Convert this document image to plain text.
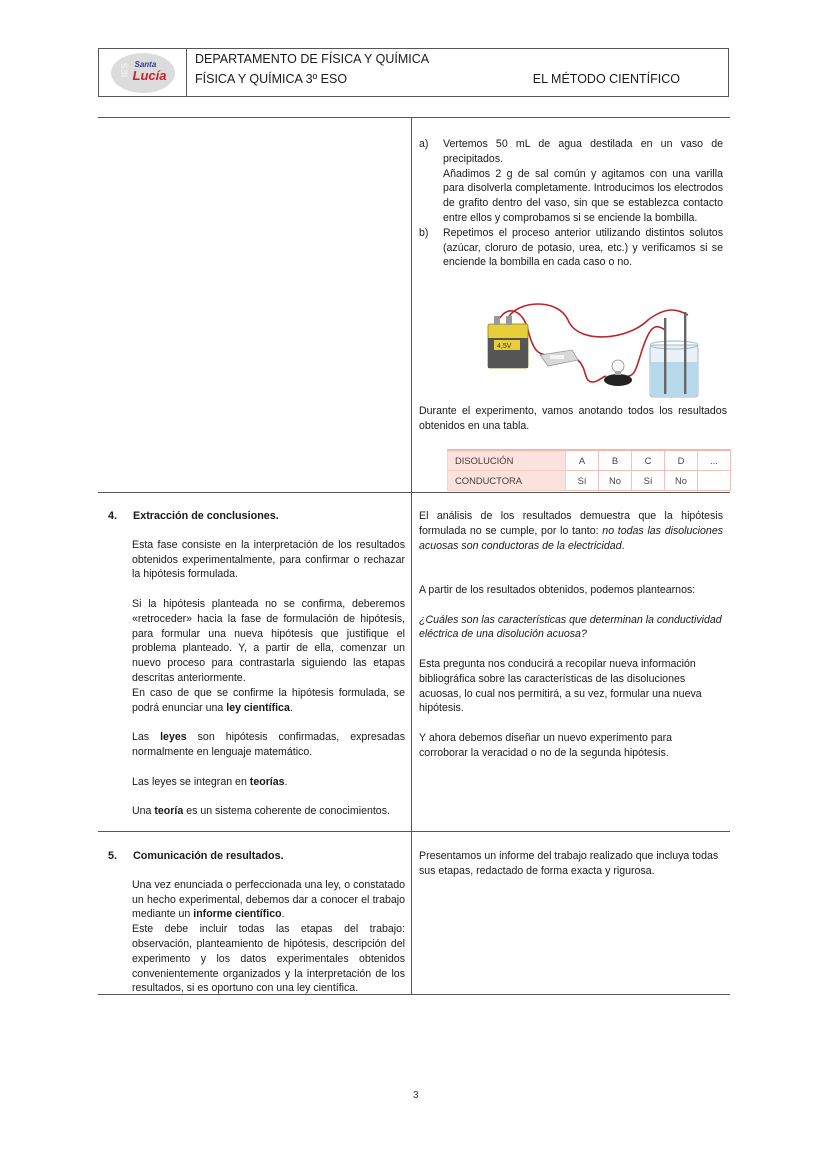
IES Santa
Lucía
DEPARTAMENTO DE FÍSICA Y QUÍMICA
FÍSICA Y QUÍMICA 3º ESO	EL MÉTODO CIENTÍFICO
a)	Vertemos 50 mL de agua destilada en un vaso de precipitados.

Añadimos 2 g de sal común y agitamos con una varilla para disolverla completamente. Introducimos los electrodos de grafito dentro del vaso, sin que se establezca contacto entre ellos y comprobamos si se enciende la bombilla.

b)	Repetimos el proceso anterior utilizando distintos solutos (azúcar, cloruro de potasio, urea, etc.) y verificamos si se enciende la bombilla en cada caso o no.

4,5V
Durante el experimento, vamos anotando todos los resultados obtenidos en una tabla.
DISOLUCIÓN	A	B	C	D	...
CONDUCTORA	Sí	No	Sí	No	
4.	Extracción de conclusiones.

Esta fase consiste en la interpretación de los resultados obtenidos experimentalmente, para confirmar o rechazar la hipótesis formulada.

Si la hipótesis planteada no se confirma, deberemos «retroceder» hacia la fase de formulación de hipótesis, para formular una nueva hipótesis que justifique el problema planteado. Y, a partir de ella, comenzar un nuevo proceso para contrastarla siguiendo las etapas descritas anteriormente.

En caso de que se confirme la hipótesis formulada, se podrá enunciar una ley científica.

Las leyes son hipótesis confirmadas, expresadas normalmente en lenguaje matemático.

Las leyes se integran en teorías.

Una teoría es un sistema coherente de conocimientos.

El análisis de los resultados demuestra que la hipótesis formulada no se cumple, por lo tanto: no todas las disoluciones acuosas son conductoras de la electricidad.

A partir de los resultados obtenidos, podemos plantearnos:

¿Cuáles son las características que determinan la conductividad eléctrica de una disolución acuosa?

Esta pregunta nos conducirá a recopilar nueva información bibliográfica sobre las características de las disoluciones acuosas, lo cual nos permitirá, a su vez, formular una nueva hipótesis.

Y ahora debemos diseñar un nuevo experimento para corroborar la veracidad o no de la segunda hipótesis.

5.	Comunicación de resultados.

Una vez enunciada o perfeccionada una ley, o constatado un hecho experimental, debemos dar a conocer el trabajo mediante un informe científico.

Este debe incluir todas las etapas del trabajo: observación, planteamiento de hipótesis, descripción del experimento y los datos experimentales obtenidos convenientemente organizados y la interpretación de los resultados, si es oportuno con una ley científica.

Presentamos un informe del trabajo realizado que incluya todas sus etapas, redactado de forma exacta y rigurosa.
3
